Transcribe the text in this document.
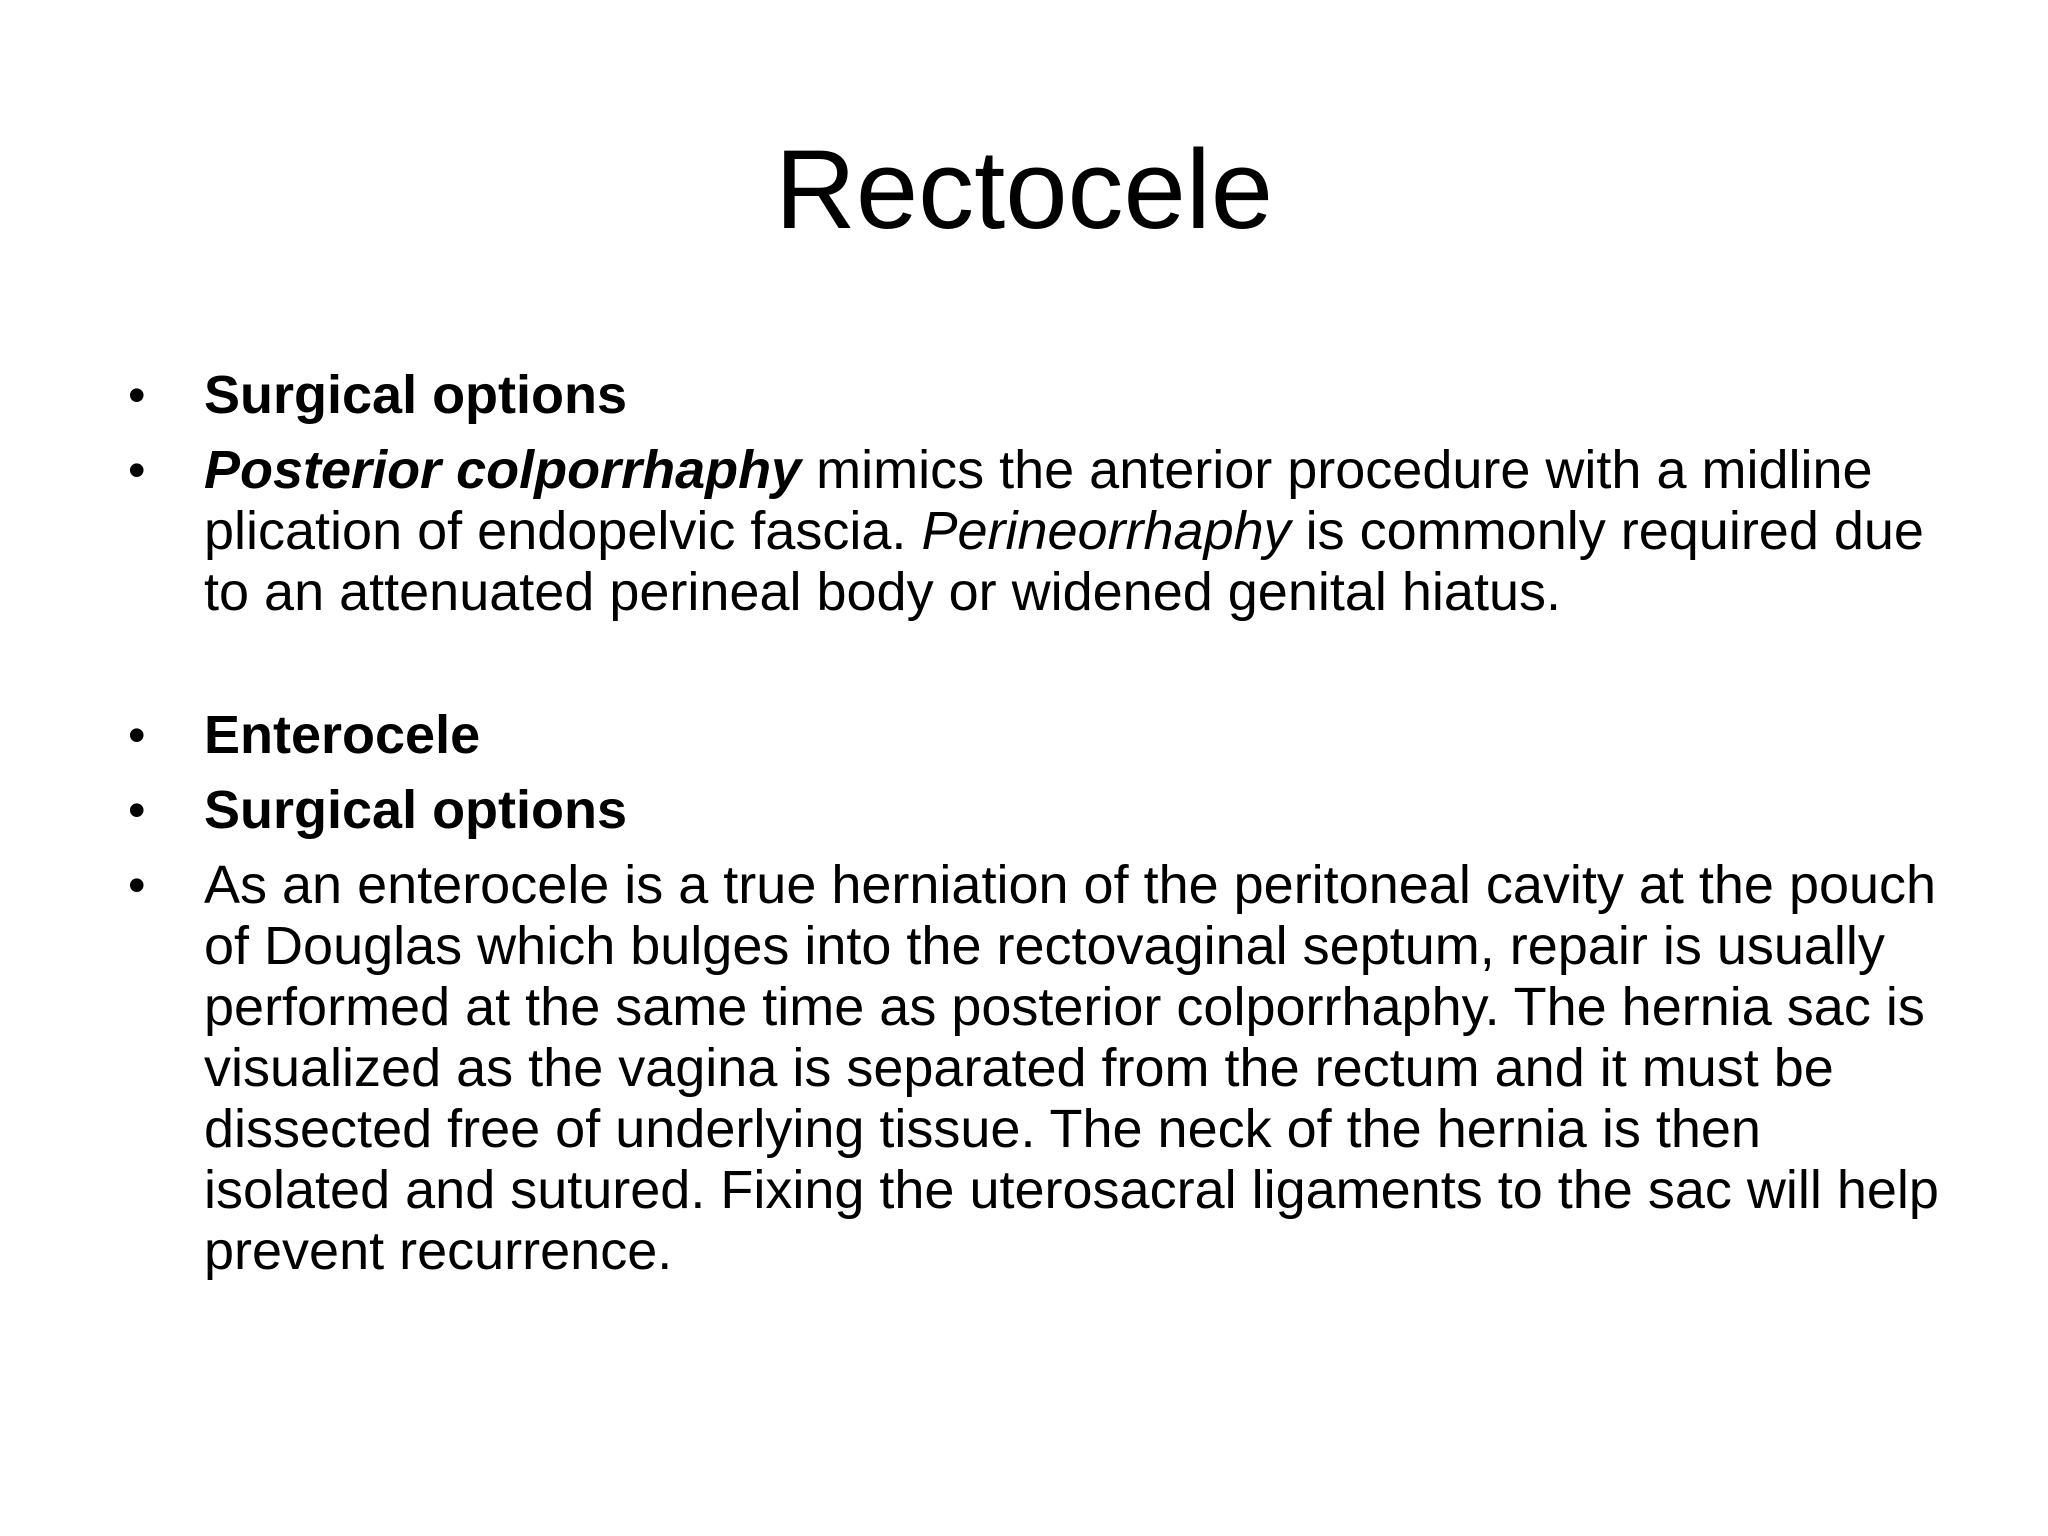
Rectocele
•	Surgical options
•	Posterior colporrhaphy mimics the anterior procedure with a midline plication of endopelvic fascia. Perineorrhaphy is commonly required due to an attenuated perineal body or widened genital hiatus.
•	Enterocele
•	Surgical options
•	As an enterocele is a true herniation of the peritoneal cavity at the pouch of Douglas which bulges into the rectovaginal septum, repair is usually performed at the same time as posterior colporrhaphy. The hernia sac is visualized as the vagina is separated from the rectum and it must be dissected free of underlying tissue. The neck of the hernia is then isolated and sutured. Fixing the uterosacral ligaments to the sac will help prevent recurrence.
